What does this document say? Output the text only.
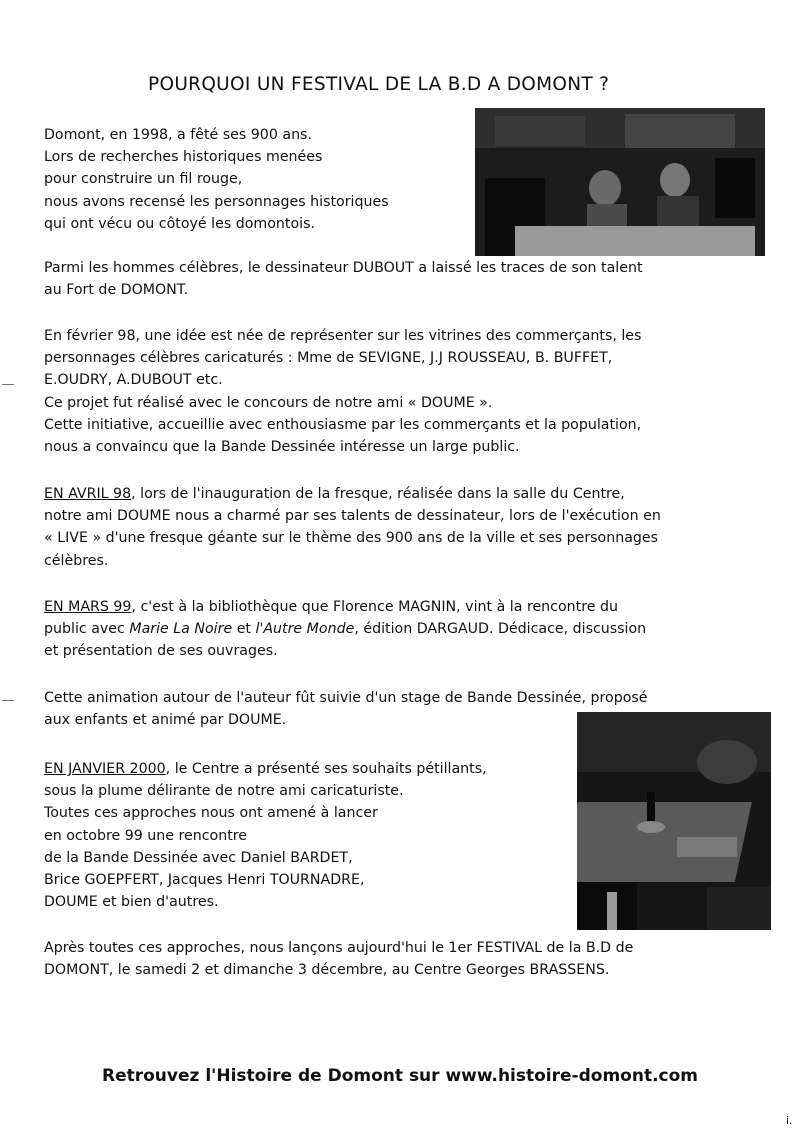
POURQUOI UN FESTIVAL DE LA B.D A DOMONT ?
Domont, en 1998, a fêté ses 900 ans.
Lors de recherches historiques menées
pour construire un fil rouge,
nous avons recensé les personnages historiques
qui ont vécu ou côtoyé les domontois.
Parmi les hommes célèbres, le dessinateur DUBOUT a laissé les traces de son talent
au Fort de DOMONT.
En février 98, une idée est née de représenter sur les vitrines des commerçants, les
personnages célèbres caricaturés : Mme de SEVIGNE, J.J ROUSSEAU, B. BUFFET,
E.OUDRY, A.DUBOUT etc.
Ce projet fut réalisé avec le concours de notre ami « DOUME ».
Cette initiative, accueillie avec enthousiasme par les commerçants et la population,
nous a convaincu que la Bande Dessinée intéresse un large public.
EN AVRIL 98, lors de l'inauguration de la fresque, réalisée dans la salle du Centre,
notre ami DOUME nous a charmé par ses talents de dessinateur, lors de l'exécution en
« LIVE » d'une fresque géante sur le thème des 900 ans de la ville et ses personnages
célèbres.
EN MARS 99, c'est à la bibliothèque que Florence MAGNIN, vint à la rencontre du
public avec Marie La Noire et l'Autre Monde, édition DARGAUD. Dédicace, discussion
et présentation de ses ouvrages.
Cette animation autour de l'auteur fût suivie d'un stage de Bande Dessinée, proposé
aux enfants et animé par DOUME.
EN JANVIER 2000, le Centre a présenté ses souhaits pétillants,
sous la plume délirante de notre ami caricaturiste.
Toutes ces approches nous ont amené à lancer
en octobre 99 une rencontre
de la Bande Dessinée avec Daniel BARDET,
Brice GOEPFERT, Jacques Henri TOURNADRE,
DOUME et bien d'autres.
Après toutes ces approches, nous lançons aujourd'hui le 1er FESTIVAL de la B.D de
DOMONT, le samedi 2 et dimanche 3 décembre, au Centre Georges BRASSENS.
Retrouvez l'Histoire de Domont sur www.histoire-domont.com
i.
